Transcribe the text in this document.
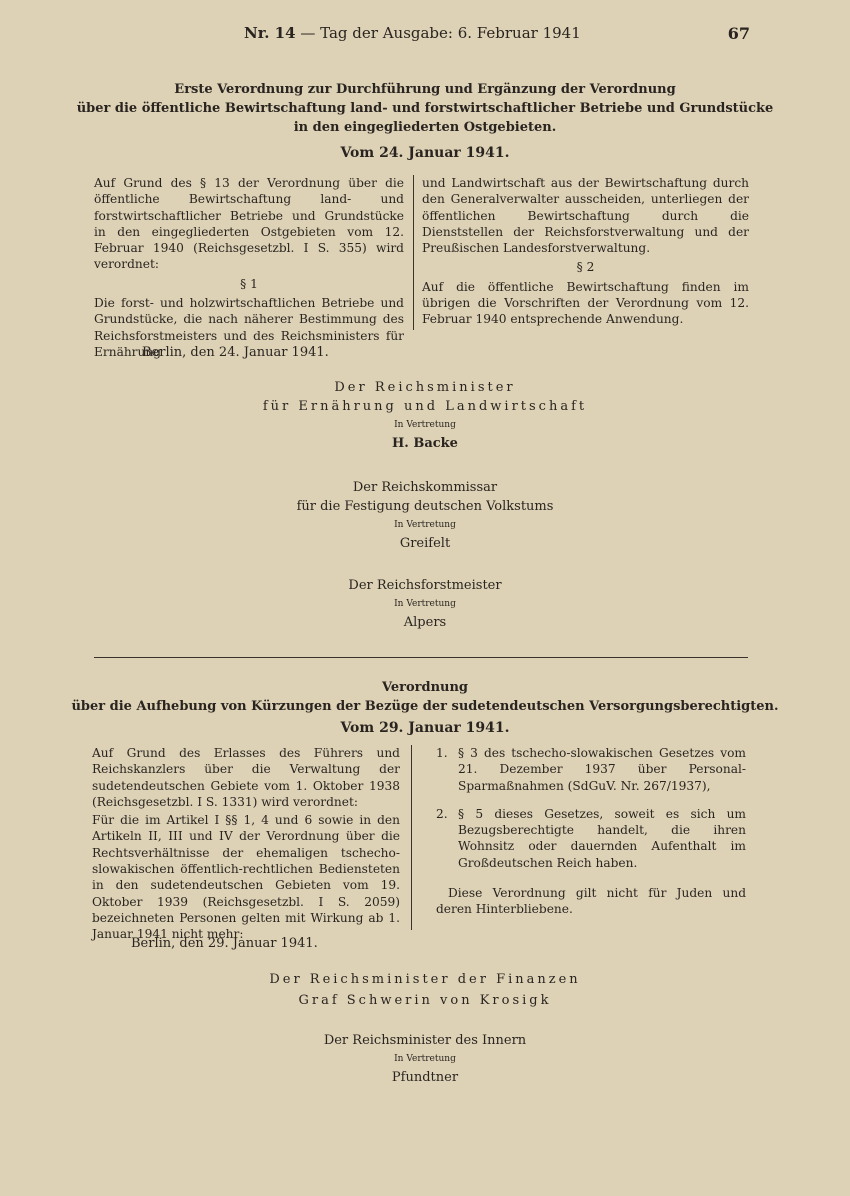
Nr. 14 — Tag der Ausgabe: 6. Februar 1941	67
Erste Verordnung zur Durchführung und Ergänzung der Verordnung
über die öffentliche Bewirtschaftung land- und forstwirtschaftlicher Betriebe und Grundstücke
in den eingegliederten Ostgebieten.
Vom 24. Januar 1941.

Auf Grund des § 13 der Verordnung über die öffentliche Bewirtschaftung land- und forstwirtschaftlicher Betriebe und Grundstücke in den eingegliederten Ostgebieten vom 12. Februar 1940 (Reichsgesetzbl. I S. 355) wird verordnet:

§ 1

Die forst- und holzwirtschaftlichen Betriebe und Grundstücke, die nach näherer Bestimmung des Reichsforstmeisters und des Reichsministers für Ernährung

und Landwirtschaft aus der Bewirtschaftung durch den Generalverwalter ausscheiden, unterliegen der öffentlichen Bewirtschaftung durch die Dienststellen der Reichsforstverwaltung und der Preußischen Landesforstverwaltung.

§ 2

Auf die öffentliche Bewirtschaftung finden im übrigen die Vorschriften der Verordnung vom 12. Februar 1940 entsprechende Anwendung.

Berlin, den 24. Januar 1941.
Der Reichsminister
für Ernährung und Landwirtschaft
In Vertretung
H. Backe
Der Reichskommissar
für die Festigung deutschen Volkstums
In Vertretung
Greifelt
Der Reichsforstmeister
In Vertretung
Alpers
Verordnung
über die Aufhebung von Kürzungen der Bezüge der sudetendeutschen Versorgungsberechtigten.
Vom 29. Januar 1941.

Auf Grund des Erlasses des Führers und Reichskanzlers über die Verwaltung der sudetendeutschen Gebiete vom 1. Oktober 1938 (Reichsgesetzbl. I S. 1331) wird verordnet:

Für die im Artikel I §§ 1, 4 und 6 sowie in den Artikeln II, III und IV der Verordnung über die Rechtsverhältnisse der ehemaligen tschecho-slowakischen öffentlich-rechtlichen Bediensteten in den sudetendeutschen Gebieten vom 19. Oktober 1939 (Reichsgesetzbl. I S. 2059) bezeichneten Personen gelten mit Wirkung ab 1. Januar 1941 nicht mehr:

1. § 3 des tschecho-slowakischen Gesetzes vom 21. Dezember 1937 über Personal-Sparmaßnahmen (SdGuV. Nr. 267/1937),
2. § 5 dieses Gesetzes, soweit es sich um Bezugsberechtigte handelt, die ihren Wohnsitz oder dauernden Aufenthalt im Großdeutschen Reich haben.

Diese Verordnung gilt nicht für Juden und deren Hinterbliebene.

Berlin, den 29. Januar 1941.
Der Reichsminister der Finanzen
Graf Schwerin von Krosigk
Der Reichsminister des Innern
In Vertretung
Pfundtner
